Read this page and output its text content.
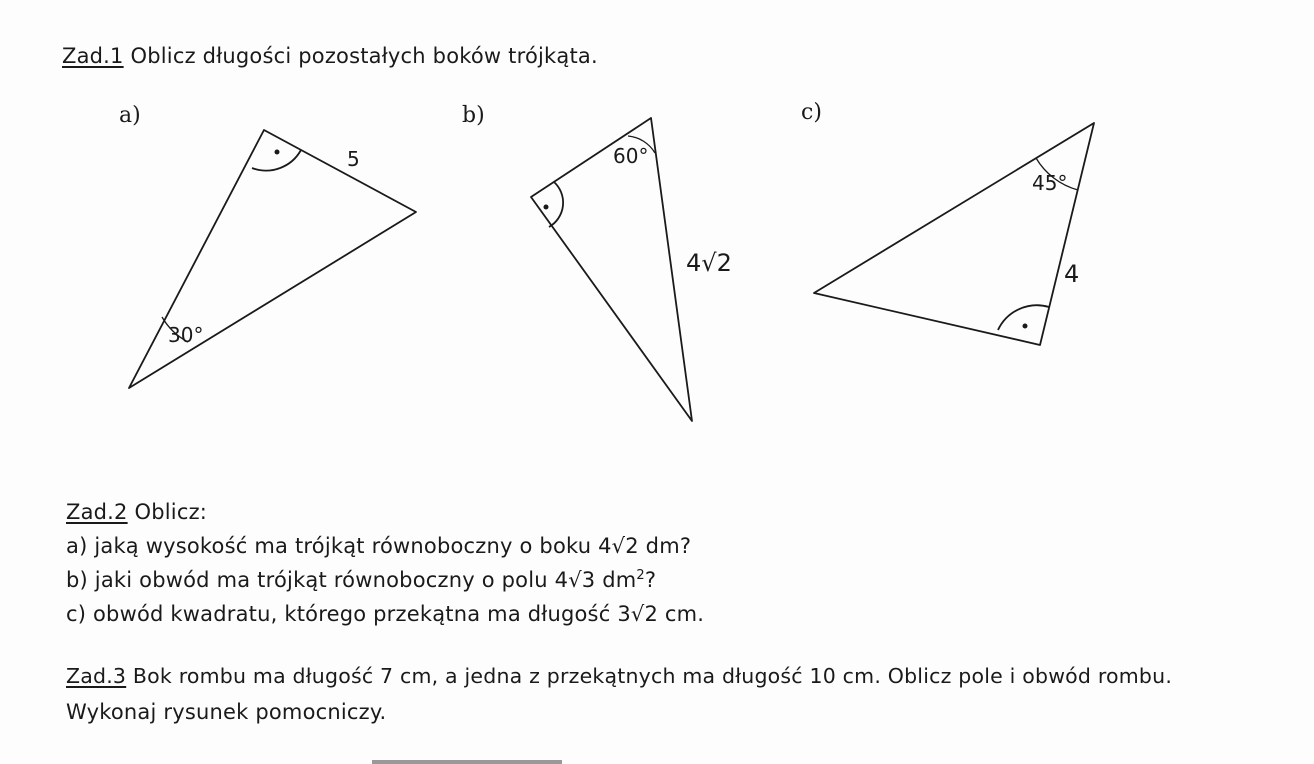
Zad.1 Oblicz długości pozostałych boków trójkąta.
a)	b)	c)
5
30°
60°
4√2
45°
4
Zad.2 Oblicz:
a) jaką wysokość ma trójkąt równoboczny o boku 4√2 dm?
b) jaki obwód ma trójkąt równoboczny o polu 4√3 $dm^2$?
c) obwód kwadratu, którego przekątna ma długość 3√2 cm.
Zad.3 Bok rombu ma długość 7 cm, a jedna z przekątnych ma długość 10 cm. Oblicz pole i obwód rombu.
Wykonaj rysunek pomocniczy.
